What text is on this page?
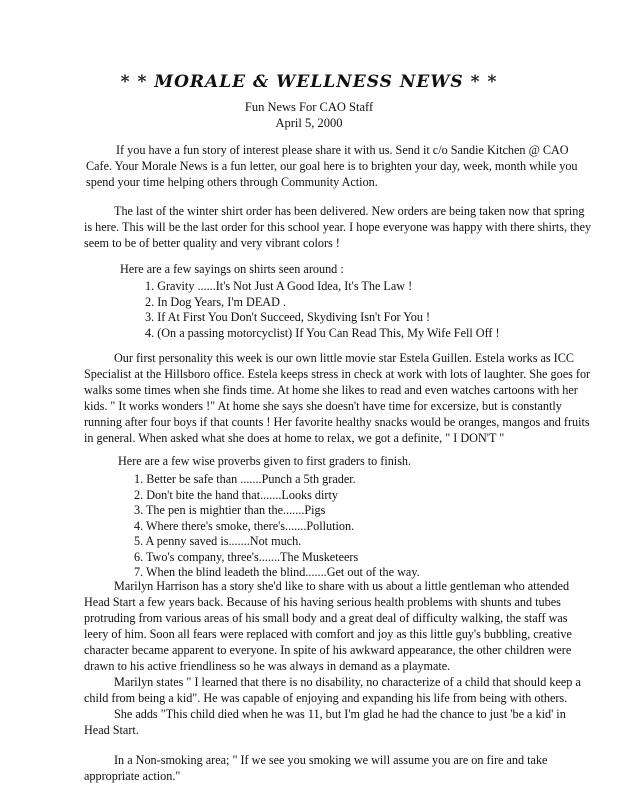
* * MORALE & WELLNESS NEWS * *
Fun News For CAO Staff
April 5, 2000
If you have a fun story of interest please share it with us. Send it c/o Sandie Kitchen @ CAO
Cafe. Your Morale News is a fun letter, our goal here is to brighten your day, week, month while you
spend your time helping others through Community Action.
The last of the winter shirt order has been delivered. New orders are being taken now that spring
is here. This will be the last order for this school year. I hope everyone was happy with there shirts, they
seem to be of better quality and very vibrant colors !
Here are a few sayings on shirts seen around :
1. Gravity ......It's Not Just A Good Idea, It's The Law !
2. In Dog Years, I'm DEAD .
3. If At First You Don't Succeed, Skydiving Isn't For You !
4. (On a passing motorcyclist) If You Can Read This, My Wife Fell Off !
Our first personality this week is our own little movie star Estela Guillen. Estela works as ICC
Specialist at the Hillsboro office. Estela keeps stress in check at work with lots of laughter. She goes for
walks some times when she finds time. At home she likes to read and even watches cartoons with her
kids. " It works wonders !" At home she says she doesn't have time for excersize, but is constantly
running after four boys if that counts ! Her favorite healthy snacks would be oranges, mangos and fruits
in general. When asked what she does at home to relax, we got a definite, " I DON'T "
Here are a few wise proverbs given to first graders to finish.
1. Better be safe than .......Punch a 5th grader.
2. Don't bite the hand that.......Looks dirty
3. The pen is mightier than the.......Pigs
4. Where there's smoke, there's.......Pollution.
5. A penny saved is.......Not much.
6. Two's company, three's.......The Musketeers
7. When the blind leadeth the blind.......Get out of the way.
Marilyn Harrison has a story she'd like to share with us about a little gentleman who attended
Head Start a few years back. Because of his having serious health problems with shunts and tubes
protruding from various areas of his small body and a great deal of difficulty walking, the staff was
leery of him. Soon all fears were replaced with comfort and joy as this little guy's bubbling, creative
character became apparent to everyone. In spite of his awkward appearance, the other children were
drawn to his active friendliness so he was always in demand as a playmate.
Marilyn states " I learned that there is no disability, no characterize of a child that should keep a
child from being a kid". He was capable of enjoying and expanding his life from being with others.
She adds "This child died when he was 11, but I'm glad he had the chance to just 'be a kid' in
Head Start.
In a Non-smoking area; " If we see you smoking we will assume you are on fire and take
appropriate action."
